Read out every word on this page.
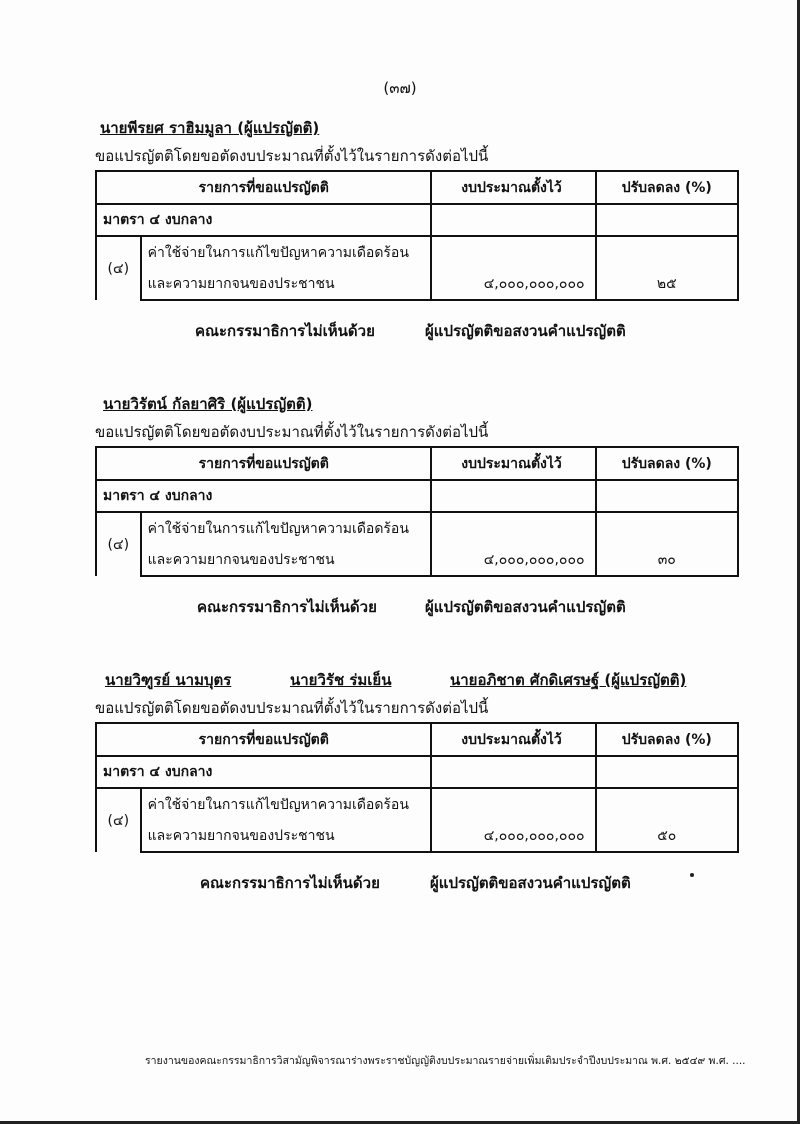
(๓๗)
นายพีรยศ ราฮิมมูลา (ผู้แปรญัตติ)
ขอแปรญัตติโดยขอตัดงบประมาณที่ตั้งไว้ในรายการดังต่อไปนี้
รายการที่ขอแปรญัตติ		งบประมาณตั้งไว้	ปรับลดลง (%)
มาตรา ๔ งบกลาง			
(๔)	ค่าใช้จ่ายในการแก้ไขปัญหาความเดือดร้อน		
	และความยากจนของประชาชน	๔,๐๐๐,๐๐๐,๐๐๐	๒๕
คณะกรรมาธิการไม่เห็นด้วย	ผู้แปรญัตติขอสงวนคำแปรญัตติ
นายวิรัตน์ กัลยาศิริ (ผู้แปรญัตติ)
ขอแปรญัตติโดยขอตัดงบประมาณที่ตั้งไว้ในรายการดังต่อไปนี้
รายการที่ขอแปรญัตติ		งบประมาณตั้งไว้	ปรับลดลง (%)
มาตรา ๔ งบกลาง			
(๔)	ค่าใช้จ่ายในการแก้ไขปัญหาความเดือดร้อน		
	และความยากจนของประชาชน	๔,๐๐๐,๐๐๐,๐๐๐	๓๐
คณะกรรมาธิการไม่เห็นด้วย	ผู้แปรญัตติขอสงวนคำแปรญัตติ
นายวิฑูรย์ นามบุตร	นายวิรัช ร่มเย็น	นายอภิชาต ศักดิเศรษฐ์ (ผู้แปรญัตติ)
ขอแปรญัตติโดยขอตัดงบประมาณที่ตั้งไว้ในรายการดังต่อไปนี้
รายการที่ขอแปรญัตติ		งบประมาณตั้งไว้	ปรับลดลง (%)
มาตรา ๔ งบกลาง			
(๔)	ค่าใช้จ่ายในการแก้ไขปัญหาความเดือดร้อน		
	และความยากจนของประชาชน	๔,๐๐๐,๐๐๐,๐๐๐	๕๐
คณะกรรมาธิการไม่เห็นด้วย	ผู้แปรญัตติขอสงวนคำแปรญัตติ
รายงานของคณะกรรมาธิการวิสามัญพิจารณาร่างพระราชบัญญัติงบประมาณรายจ่ายเพิ่มเติมประจำปีงบประมาณ พ.ศ. ๒๕๔๙ พ.ศ. ....
